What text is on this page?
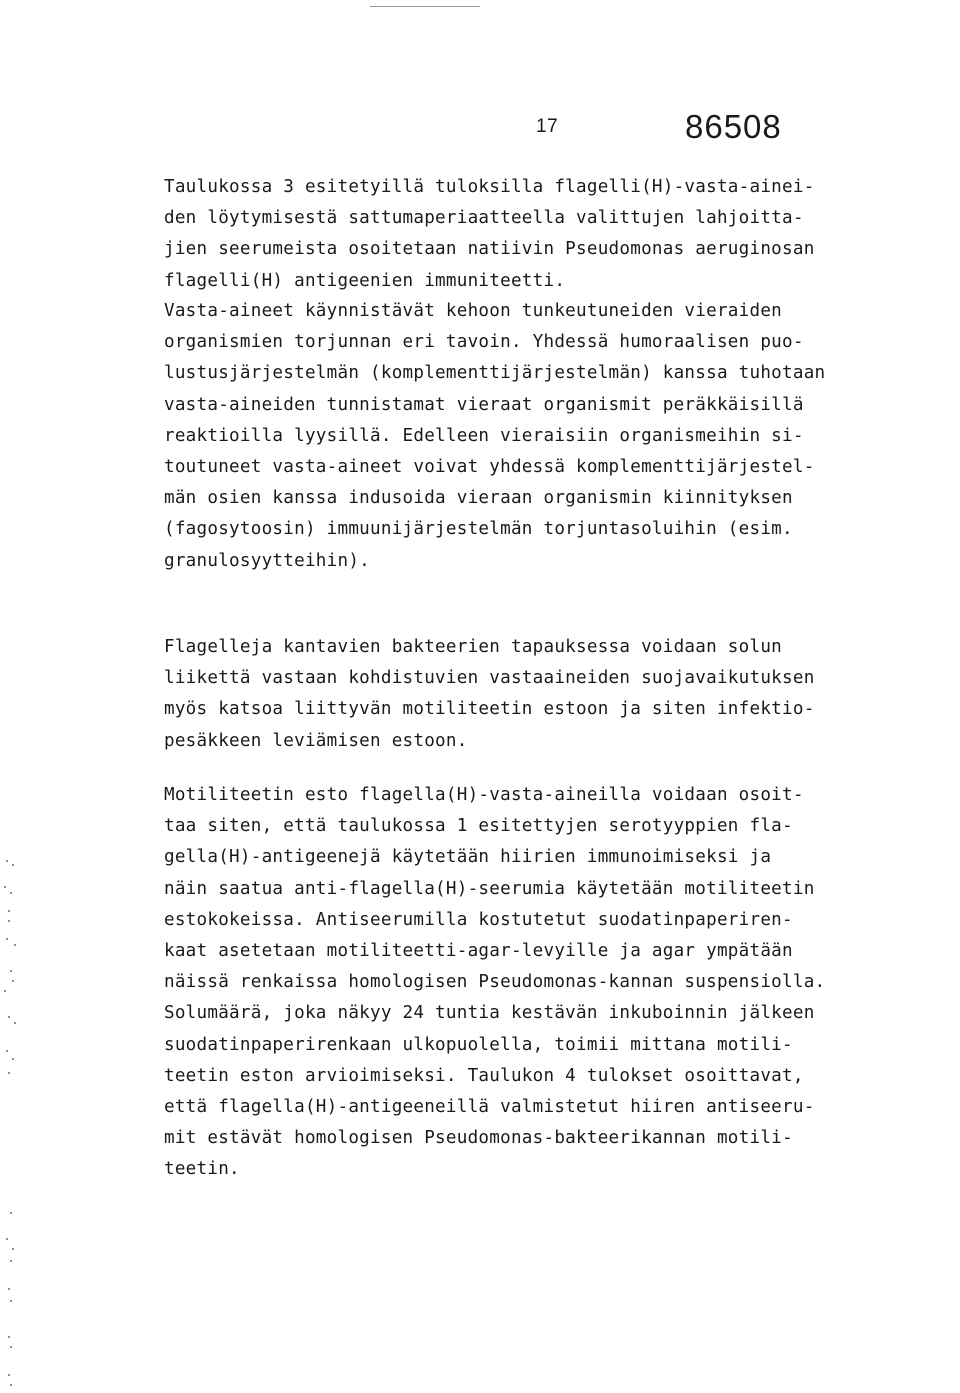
17	86508

Taulukossa 3 esitetyillä tuloksilla flagelli(H)-vasta-ainei-
den löytymisestä sattumaperiaatteella valittujen lahjoitta-
jien seerumeista osoitetaan natiivin Pseudomonas aeruginosan
flagelli(H) antigeenien immuniteetti.

Vasta-aineet käynnistävät kehoon tunkeutuneiden vieraiden
organismien torjunnan eri tavoin. Yhdessä humoraalisen puo-
lustusjärjestelmän (komplementtijärjestelmän) kanssa tuhotaan
vasta-aineiden tunnistamat vieraat organismit peräkkäisillä
reaktioilla lyysillä. Edelleen vieraisiin organismeihin si-
toutuneet vasta-aineet voivat yhdessä komplementtijärjestel-
män osien kanssa indusoida vieraan organismin kiinnityksen
(fagosytoosin) immuunijärjestelmän torjuntasoluihin (esim.
granulosyytteihin).

Flagelleja kantavien bakteerien tapauksessa voidaan solun
liikettä vastaan kohdistuvien vastaaineiden suojavaikutuksen
myös katsoa liittyvän motiliteetin estoon ja siten infektio-
pesäkkeen leviämisen estoon.

Motiliteetin esto flagella(H)-vasta-aineilla voidaan osoit-
taa siten, että taulukossa 1 esitettyjen serotyyppien fla-
gella(H)-antigeenejä käytetään hiirien immunoimiseksi ja
näin saatua anti-flagella(H)-seerumia käytetään motiliteetin
estokokeissa. Antiseerumilla kostutetut suodatinpaperiren-
kaat asetetaan motiliteetti-agar-levyille ja agar ympätään
näissä renkaissa homologisen Pseudomonas-kannan suspensiolla.
Solumäärä, joka näkyy 24 tuntia kestävän inkuboinnin jälkeen
suodatinpaperirenkaan ulkopuolella, toimii mittana motili-
teetin eston arvioimiseksi. Taulukon 4 tulokset osoittavat,
että flagella(H)-antigeeneillä valmistetut hiiren antiseeru-
mit estävät homologisen Pseudomonas-bakteerikannan motili-
teetin.
